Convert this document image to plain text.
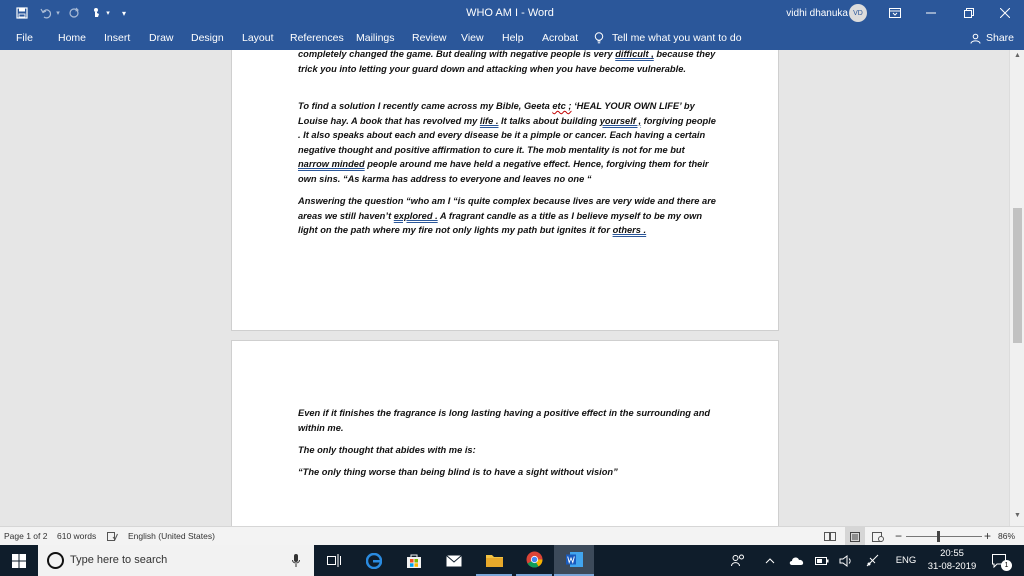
▾	▾	▾	WHO AM I - Word	vidhi dhanuka VD
File Home Insert Draw Design Layout References Mailings Review View Help Acrobat	Tell me what you want to do	Share

completely changed the game. But dealing with negative people is very difficult , because they trick you into letting your guard down and attacking when you have become vulnerable.

To find a solution I recently came across my Bible, Geeta etc ; ‘HEAL YOUR OWN LIFE’ by Louise hay. A book that has revolved my life . It talks about building yourself , forgiving people . It also speaks about each and every disease be it a pimple or cancer. Each having a certain negative thought and positive affirmation to cure it. The mob mentality is not for me but narrow minded people around me have held a negative effect. Hence, forgiving them for their own sins. “As karma has address to everyone and leaves no one “

Answering the question “who am I “is quite complex because lives are very wide and there are areas we still haven’t explored . A fragrant candle as a title as I believe myself to be my own light on the path where my fire not only lights my path but ignites it for others .

Even if it finishes the fragrance is long lasting having a positive effect in the surrounding and within me.

The only thought that abides with me is:

“The only thing worse than being blind is to have a sight without vision”

▲
▼
Page 1 of 2 610 words	English (United States)	−	+ 86%
Type here to search	ENG
20:55
31-08-2019	1
